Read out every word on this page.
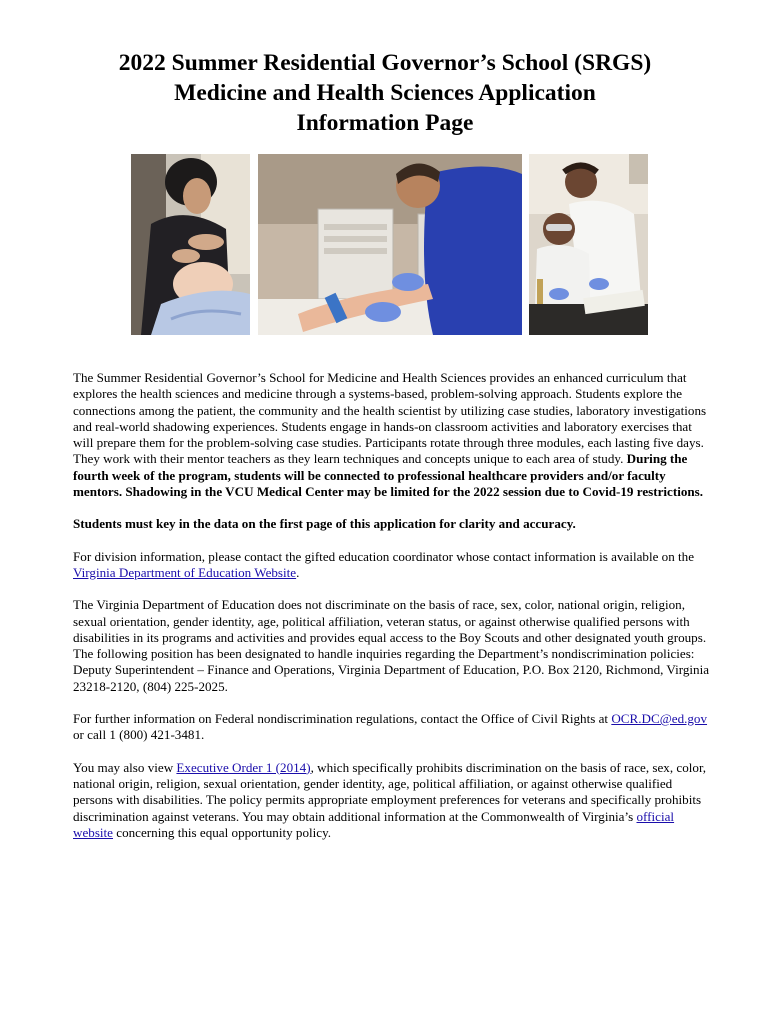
2022 Summer Residential Governor’s School (SRGS)
Medicine and Health Sciences Application
Information Page

The Summer Residential Governor’s School for Medicine and Health Sciences provides an enhanced curriculum that explores the health sciences and medicine through a systems-based, problem-solving approach. Students explore the connections among the patient, the community and the health scientist by utilizing case studies, laboratory investigations and real-world shadowing experiences. Students engage in hands-on classroom activities and laboratory exercises that will prepare them for the problem-solving case studies. Participants rotate through three modules, each lasting five days. They work with their mentor teachers as they learn techniques and concepts unique to each area of study. During the fourth week of the program, students will be connected to professional healthcare providers and/or faculty mentors. Shadowing in the VCU Medical Center may be limited for the 2022 session due to Covid-19 restrictions.

Students must key in the data on the first page of this application for clarity and accuracy.

For division information, please contact the gifted education coordinator whose contact information is available on the Virginia Department of Education Website.

The Virginia Department of Education does not discriminate on the basis of race, sex, color, national origin, religion, sexual orientation, gender identity, age, political affiliation, veteran status, or against otherwise qualified persons with disabilities in its programs and activities and provides equal access to the Boy Scouts and other designated youth groups. The following position has been designated to handle inquiries regarding the Department’s nondiscrimination policies: Deputy Superintendent – Finance and Operations, Virginia Department of Education, P.O. Box 2120, Richmond, Virginia 23218-2120, (804) 225-2025.

For further information on Federal nondiscrimination regulations, contact the Office of Civil Rights at OCR.DC@ed.gov or call 1 (800) 421-3481.

You may also view Executive Order 1 (2014), which specifically prohibits discrimination on the basis of race, sex, color, national origin, religion, sexual orientation, gender identity, age, political affiliation, or against otherwise qualified persons with disabilities. The policy permits appropriate employment preferences for veterans and specifically prohibits discrimination against veterans. You may obtain additional information at the Commonwealth of Virginia’s official website concerning this equal opportunity policy.
